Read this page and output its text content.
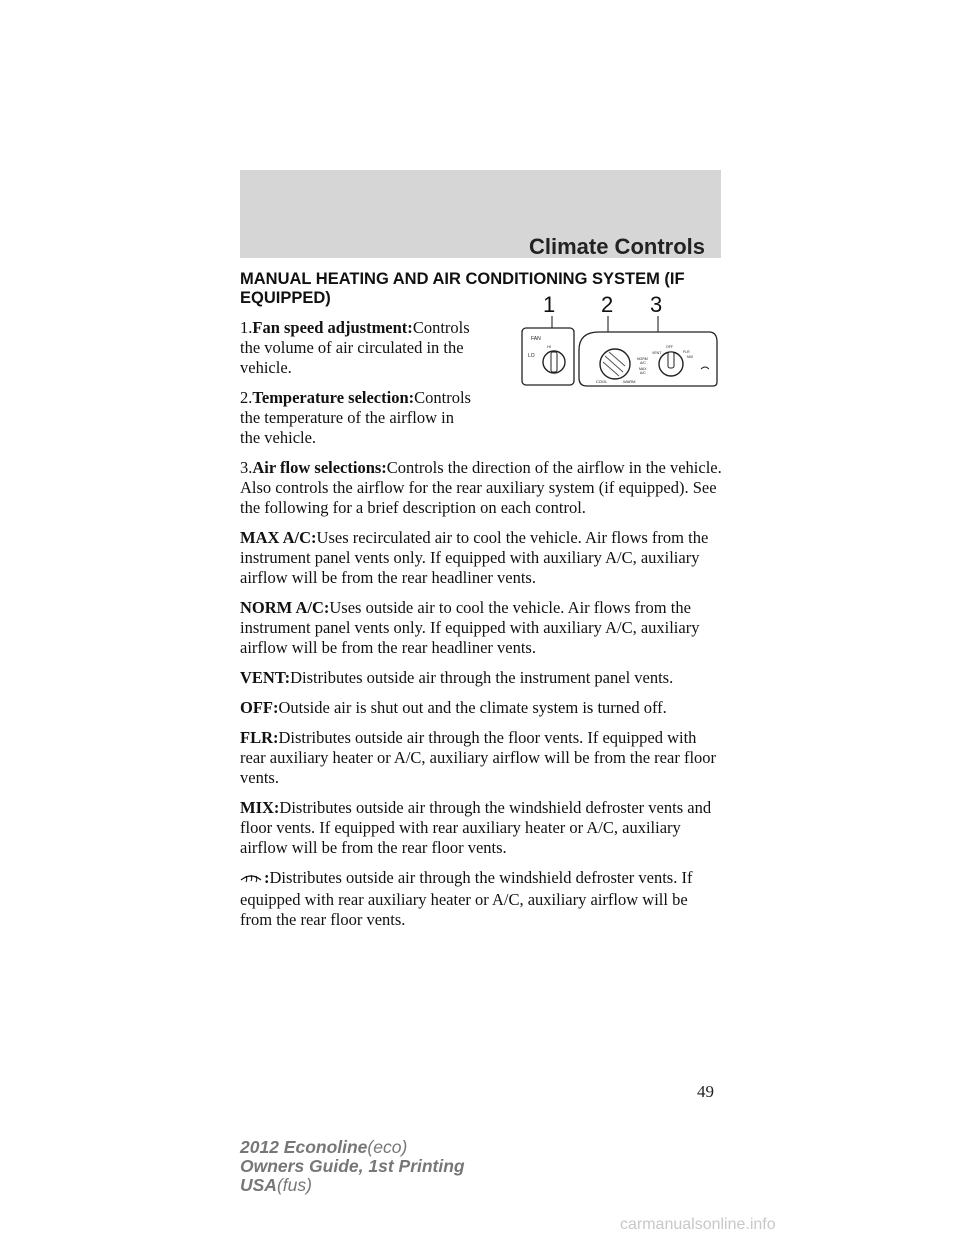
Climate Controls
MANUAL HEATING AND AIR CONDITIONING SYSTEM (IF EQUIPPED)

1.Fan speed adjustment:Controls the volume of air circulated in the vehicle.

2.Temperature selection:Controls the temperature of the airflow in the vehicle.

3.Air flow selections:Controls the direction of the airflow in the vehicle. Also controls the airflow for the rear auxiliary system (if equipped). See the following for a brief description on each control.

MAX A/C:Uses recirculated air to cool the vehicle. Air flows from the instrument panel vents only. If equipped with auxiliary A/C, auxiliary airflow will be from the rear headliner vents.

NORM A/C:Uses outside air to cool the vehicle. Air flows from the instrument panel vents only. If equipped with auxiliary A/C, auxiliary airflow will be from the rear headliner vents.

VENT:Distributes outside air through the instrument panel vents.

OFF:Outside air is shut out and the climate system is turned off.

FLR:Distributes outside air through the floor vents. If equipped with rear auxiliary heater or A/C, auxiliary airflow will be from the rear floor vents.

MIX:Distributes outside air through the windshield defroster vents and floor vents. If equipped with rear auxiliary heater or A/C, auxiliary airflow will be from the rear floor vents.

:Distributes outside air through the windshield defroster vents. If equipped with rear auxiliary heater or A/C, auxiliary airflow will be from the rear floor vents.

1 2 3
FAN
HI
LO
COOL	WARM
OFF
VENT	FLR
NORM
A/C
MAX
A/C
MIX
49
2012 Econoline(eco)
Owners Guide, 1st Printing
USA(fus)
carmanualsonline.info
